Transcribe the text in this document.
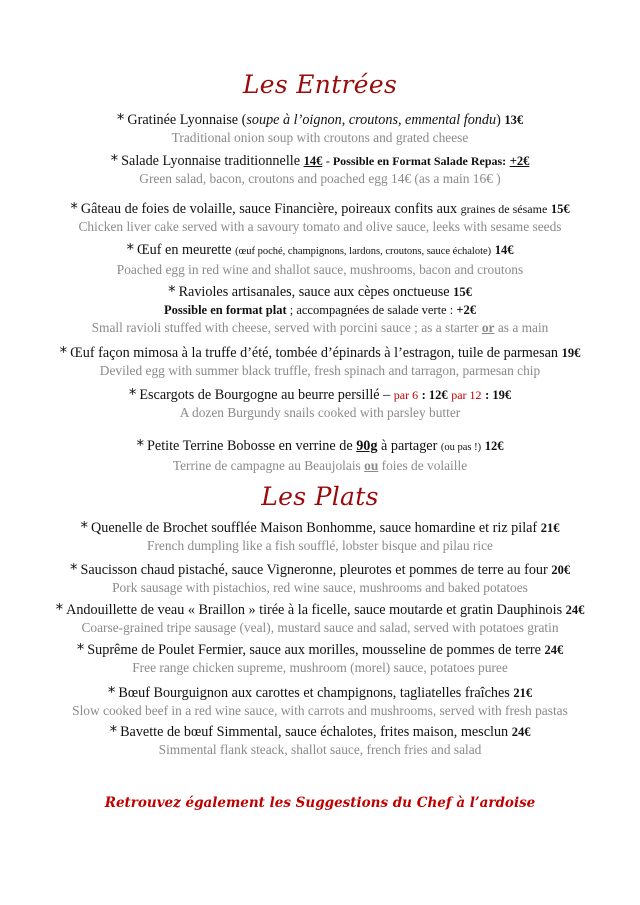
Les Entrées
* Gratinée Lyonnaise (soupe à l’oignon, croutons, emmental fondu) 13€
Traditional onion soup with croutons and grated cheese
* Salade Lyonnaise traditionnelle 14€ - Possible en Format Salade Repas: +2€
Green salad, bacon, croutons and poached egg 14€ (as a main 16€ )
* Gâteau de foies de volaille, sauce Financière, poireaux confits aux graines de sésame 15€
Chicken liver cake served with a savoury tomato and olive sauce, leeks with sesame seeds
* Œuf en meurette (œuf poché, champignons, lardons, croutons, sauce échalote) 14€
Poached egg in red wine and shallot sauce, mushrooms, bacon and croutons
* Ravioles artisanales, sauce aux cèpes onctueuse 15€
Possible en format plat ; accompagnées de salade verte : +2€
Small ravioli stuffed with cheese, served with porcini sauce ; as a starter or as a main
* Œuf façon mimosa à la truffe d’été, tombée d’épinards à l’estragon, tuile de parmesan 19€
Deviled egg with summer black truffle, fresh spinach and tarragon, parmesan chip
* Escargots de Bourgogne au beurre persillé – par 6 : 12€ par 12 : 19€
A dozen Burgundy snails cooked with parsley butter
* Petite Terrine Bobosse en verrine de 90g à partager (ou pas !) 12€
Terrine de campagne au Beaujolais ou foies de volaille
Les Plats
* Quenelle de Brochet soufflée Maison Bonhomme, sauce homardine et riz pilaf 21€
French dumpling like a fish soufflé, lobster bisque and pilau rice
* Saucisson chaud pistaché, sauce Vigneronne, pleurotes et pommes de terre au four 20€
Pork sausage with pistachios, red wine sauce, mushrooms and baked potatoes
* Andouillette de veau « Braillon » tirée à la ficelle, sauce moutarde et gratin Dauphinois 24€
Coarse-grained tripe sausage (veal), mustard sauce and salad, served with potatoes gratin
* Suprême de Poulet Fermier, sauce aux morilles, mousseline de pommes de terre 24€
Free range chicken supreme, mushroom (morel) sauce, potatoes puree
* Bœuf Bourguignon aux carottes et champignons, tagliatelles fraîches 21€
Slow cooked beef in a red wine sauce, with carrots and mushrooms, served with fresh pastas
* Bavette de bœuf Simmental, sauce échalotes, frites maison, mesclun 24€
Simmental flank steack, shallot sauce, french fries and salad
Retrouvez également les Suggestions du Chef à l’ardoise
